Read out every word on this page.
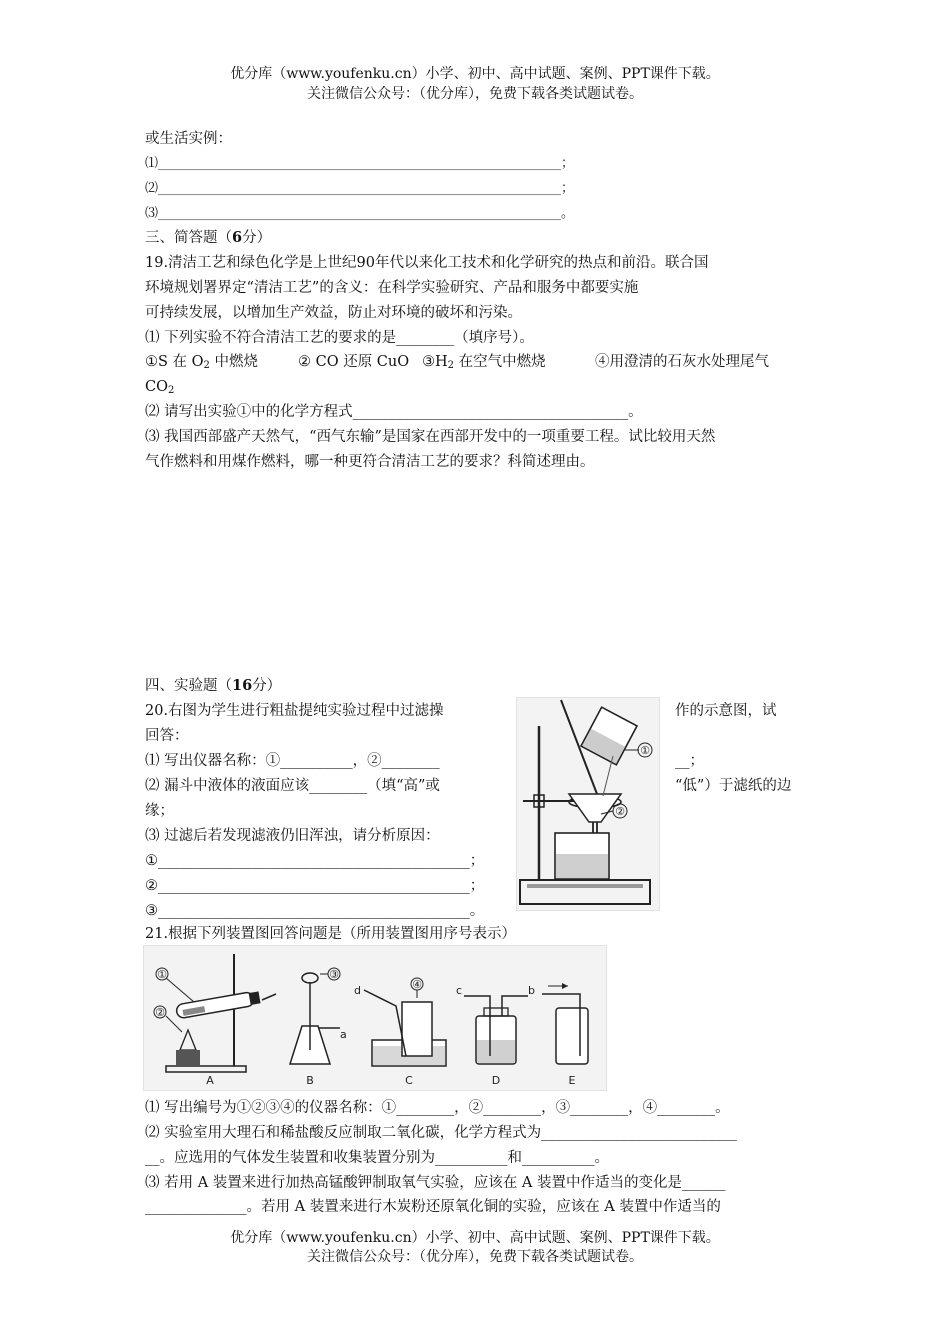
优分库（www.youfenku.cn）小学、初中、高中试题、案例、PPT课件下载。
关注微信公众号：（优分库），免费下载各类试题试卷。
或生活实例：
⑴______________________________________________________________；
⑵______________________________________________________________；
⑶______________________________________________________________。
三、简答题（6分）
19.清洁工艺和绿色化学是上世纪90年代以来化工技术和化学研究的热点和前沿。联合国
环境规划署界定“清洁工艺”的含义：在科学实验研究、产品和服务中都要实施
可持续发展，以增加生产效益，防止对环境的破坏和污染。
⑴ 下列实验不符合清洁工艺的要求的是________（填序号）。
①S 在 $O_2$ 中燃烧	② CO 还原 CuO $③H_2$ 在空气中燃烧	④用澄清的石灰水处理尾气
$CO_2$
⑵ 请写出实验①中的化学方程式______________________________________。
⑶ 我国西部盛产天然气，“西气东输”是国家在西部开发中的一项重要工程。试比较用天然
气作燃料和用煤作燃料，哪一种更符合清洁工艺的要求？科简述理由。
四、实验题（16分）
20.右图为学生进行粗盐提纯实验过程中过滤操	作的示意图，试
回答：
⑴ 写出仪器名称：①__________，②________	__；
⑵ 漏斗中液体的液面应该________（填“高”或	“低”）于滤纸的边
缘；
⑶ 过滤后若发现滤液仍旧浑浊，请分析原因：
①___________________________________________；
②___________________________________________；
③___________________________________________。
①
②
21.根据下列装置图回答问题是（所用装置图用序号表示）
①
②
A
③
a
B
d	④
C
c	b
D	E
⑴ 写出编号为①②③④的仪器名称：①________，②________，③________，④________。
⑵ 实验室用大理石和稀盐酸反应制取二氧化碳，化学方程式为___________________________
__。应选用的气体发生装置和收集装置分别为__________和__________。
⑶ 若用 A 装置来进行加热高锰酸钾制取氧气实验，应该在 A 装置中作适当的变化是______
______________。若用 A 装置来进行木炭粉还原氧化铜的实验，应该在 A 装置中作适当的
优分库（www.youfenku.cn）小学、初中、高中试题、案例、PPT课件下载。
关注微信公众号：（优分库），免费下载各类试题试卷。
